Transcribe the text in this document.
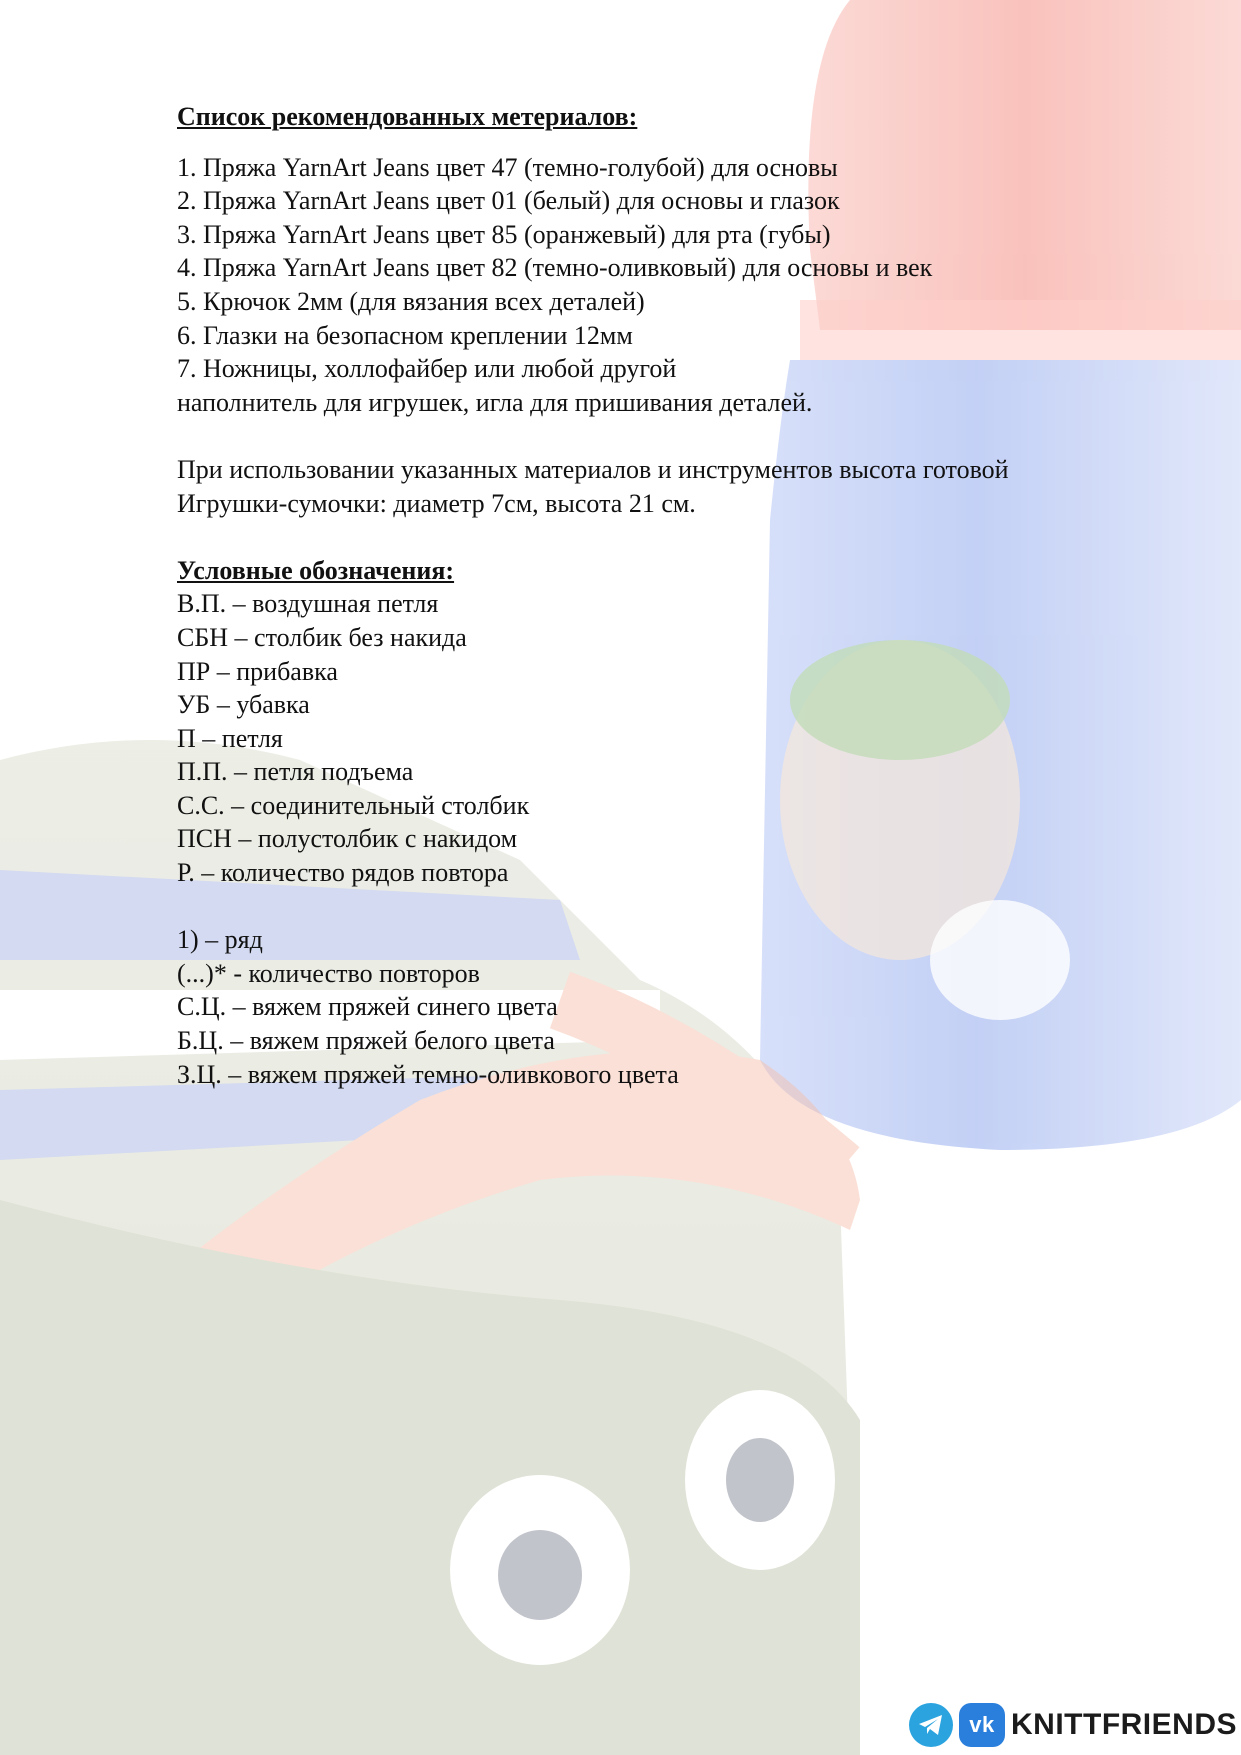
Список рекомендованных метериалов:
1. Пряжа YarnArt Jeans цвет 47 (темно-голубой) для основы
2. Пряжа YarnArt Jeans цвет 01 (белый) для основы и глазок
3. Пряжа YarnArt Jeans цвет 85 (оранжевый) для рта (губы)
4. Пряжа YarnArt Jeans цвет 82 (темно-оливковый) для основы и век
5. Крючок 2мм (для вязания всех деталей)
6. Глазки на безопасном креплении 12мм
7. Ножницы, холлофайбер или любой другой
наполнитель для игрушек, игла для пришивания деталей.
При использовании указанных материалов и инструментов высота готовой
Игрушки-сумочки: диаметр 7см, высота 21 см.
Условные обозначения:
В.П. – воздушная петля
СБН – столбик без накида
ПР – прибавка
УБ – убавка
П – петля
П.П. – петля подъема
С.С. – соединительный столбик
ПСН – полустолбик с накидом
Р. – количество рядов повтора
1) – ряд
(...)* - количество повторов
С.Ц. – вяжем пряжей синего цвета
Б.Ц. – вяжем пряжей белого цвета
З.Ц. – вяжем пряжей темно-оливкового цвета
vk KNITTFRIENDS
